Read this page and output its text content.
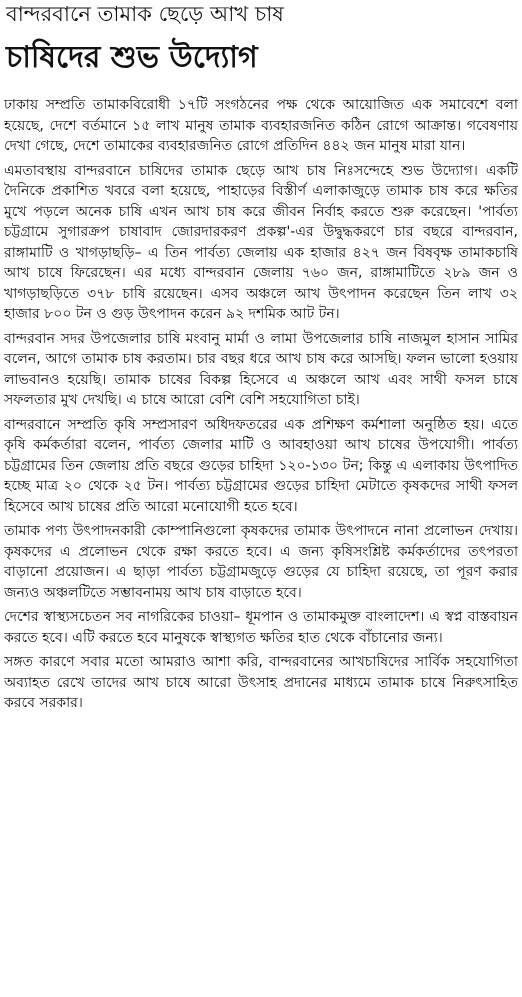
বান্দরবানে তামাক ছেড়ে আখ চাষ
চাষিদের শুভ উদ্যোগ

ঢাকায় সম্প্রতি তামাকবিরোধী ১৭টি সংগঠনের পক্ষ থেকে আয়োজিত এক সমাবেশে বলা হয়েছে, দেশে বর্তমানে ১৫ লাখ মানুষ তামাক ব্যবহারজনিত কঠিন রোগে আক্রান্ত। গবেষণায় দেখা গেছে, দেশে তামাকের ব্যবহারজনিত রোগে প্রতিদিন ৪৪২ জন মানুষ মারা যান।

এমতাবস্থায় বান্দরবানে চাষিদের তামাক ছেড়ে আখ চাষ নিঃসন্দেহে শুভ উদ্যোগ। একটি দৈনিকে প্রকাশিত খবরে বলা হয়েছে, পাহাড়ের বিস্তীর্ণ এলাকাজুড়ে তামাক চাষ করে ক্ষতির মুখে পড়লে অনেক চাষি এখন আখ চাষ করে জীবন নির্বাহ করতে শুরু করেছেন। 'পার্বত্য চট্টগ্রামে সুগারক্রপ চাষাবাদ জোরদারকরণ প্রকল্প'-এর উদ্বুদ্ধকরণে চার বছরে বান্দরবান, রাঙ্গামাটি ও খাগড়াছড়ি– এ তিন পার্বত্য জেলায় এক হাজার ৪২৭ জন বিষবৃক্ষ তামাকচাষি আখ চাষে ফিরেছেন। এর মধ্যে বান্দরবান জেলায় ৭৬০ জন, রাঙ্গামাটিতে ২৮৯ জন ও খাগড়াছড়িতে ৩৭৮ চাষি রয়েছেন। এসব অঞ্চলে আখ উৎপাদন করেছেন তিন লাখ ৩২ হাজার ৮০০ টন ও গুড় উৎপাদন করেন ৯২ দশমিক আট টন।

বান্দরবান সদর উপজেলার চাষি মংবানু মার্মা ও লামা উপজেলার চাষি নাজমুল হাসান সামির বলেন, আগে তামাক চাষ করতাম। চার বছর ধরে আখ চাষ করে আসছি। ফলন ভালো হওয়ায় লাভবানও হয়েছি। তামাক চাষের বিকল্প হিসেবে এ অঞ্চলে আখ এবং সাথী ফসল চাষে সফলতার মুখ দেখছি। এ চাষে আরো বেশি বেশি সহযোগিতা চাই।

বান্দরবানে সম্প্রতি কৃষি সম্প্রসারণ অধিদফতরের এক প্রশিক্ষণ কর্মশালা অনুষ্ঠিত হয়। এতে কৃষি কর্মকর্তারা বলেন, পার্বত্য জেলার মাটি ও আবহাওয়া আখ চাষের উপযোগী। পার্বত্য চট্টগ্রামের তিন জেলায় প্রতি বছরে গুড়ের চাহিদা ১২০-১৩০ টন; কিন্তু এ এলাকায় উৎপাদিত হচ্ছে মাত্র ২০ থেকে ২৫ টন। পার্বত্য চট্টগ্রামের গুড়ের চাহিদা মেটাতে কৃষকদের সাথী ফসল হিসেবে আখ চাষের প্রতি আরো মনোযোগী হতে হবে।

তামাক পণ্য উৎপাদনকারী কোম্পানিগুলো কৃষকদের তামাক উৎপাদনে নানা প্রলোভন দেখায়। কৃষকদের এ প্রলোভন থেকে রক্ষা করতে হবে। এ জন্য কৃষিসংশ্লিষ্ট কর্মকর্তাদের তৎপরতা বাড়ানো প্রয়োজন। এ ছাড়া পার্বত্য চট্টগ্রামজুড়ে গুড়ের যে চাহিদা রয়েছে, তা পূরণ করার জন্যও অঞ্চলটিতে সম্ভাবনাময় আখ চাষ বাড়াতে হবে।

দেশের স্বাস্থ্যসচেতন সব নাগরিকের চাওয়া– ধূমপান ও তামাকমুক্ত বাংলাদেশ। এ স্বপ্ন বাস্তবায়ন করতে হবে। এটি করতে হবে মানুষকে স্বাস্থ্যগত ক্ষতির হাত থেকে বাঁচানোর জন্য।

সঙ্গত কারণে সবার মতো আমরাও আশা করি, বান্দরবানের আখচাষিদের সার্বিক সহযোগিতা অব্যাহত রেখে তাদের আখ চাষে আরো উৎসাহ প্রদানের মাধ্যমে তামাক চাষে নিরুৎসাহিত করবে সরকার।
